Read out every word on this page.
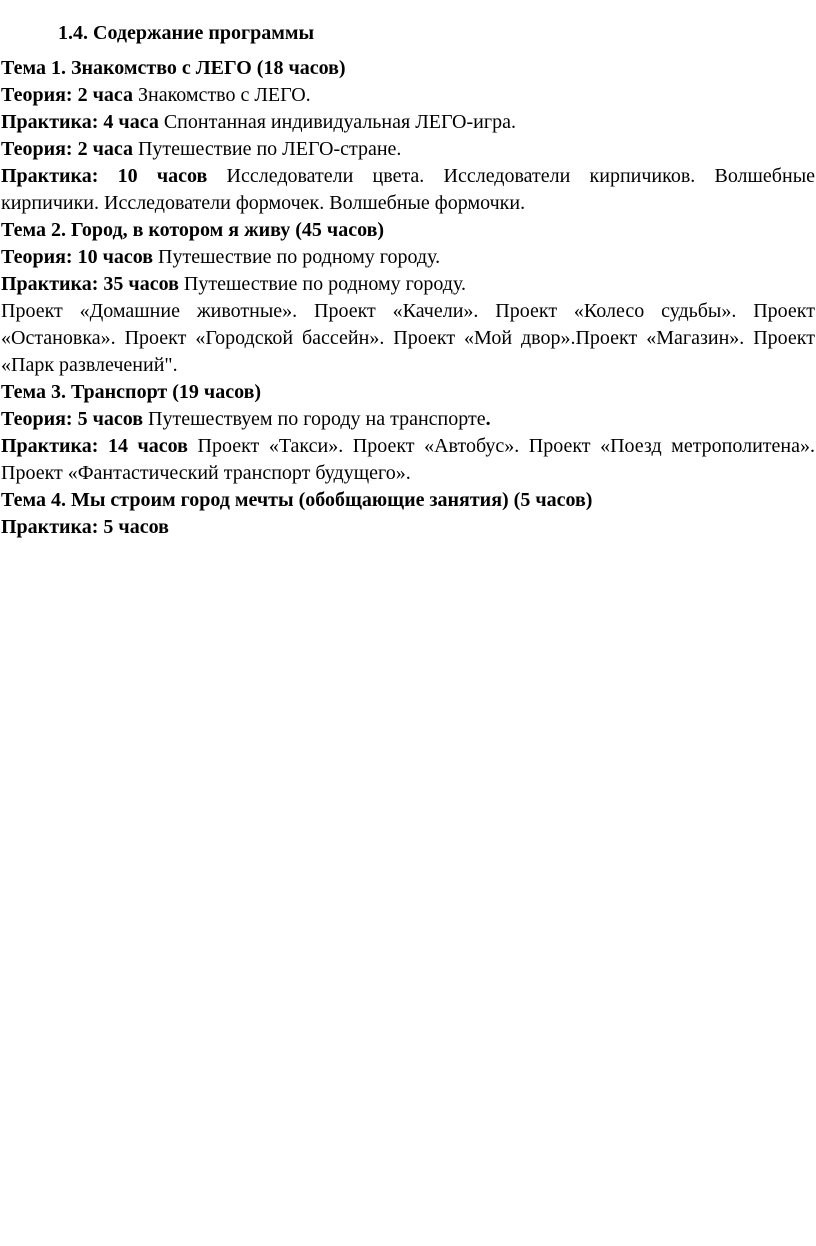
1.4. Содержание программы

Тема 1. Знакомство с ЛЕГО (18 часов)

Теория: 2 часа Знакомство с ЛЕГО.

Практика: 4 часа Спонтанная индивидуальная ЛЕГО-игра.

Теория: 2 часа Путешествие по ЛЕГО-стране.

Практика: 10 часов Исследователи цвета. Исследователи кирпичиков. Волшебные кирпичики. Исследователи формочек. Волшебные формочки.

Тема 2. Город, в котором я живу (45 часов)

Теория: 10 часов Путешествие по родному городу.

Практика: 35 часов Путешествие по родному городу.

Проект «Домашние животные». Проект «Качели». Проект «Колесо судьбы». Проект «Остановка». Проект «Городской бассейн». Проект «Мой двор».Проект «Магазин». Проект «Парк развлечений".

Тема 3. Транспорт (19 часов)

Теория: 5 часов Путешествуем по городу на транспорте.

Практика: 14 часов Проект «Такси». Проект «Автобус». Проект «Поезд метрополитена». Проект «Фантастический транспорт будущего».

Тема 4. Мы строим город мечты (обобщающие занятия) (5 часов)

Практика: 5 часов
